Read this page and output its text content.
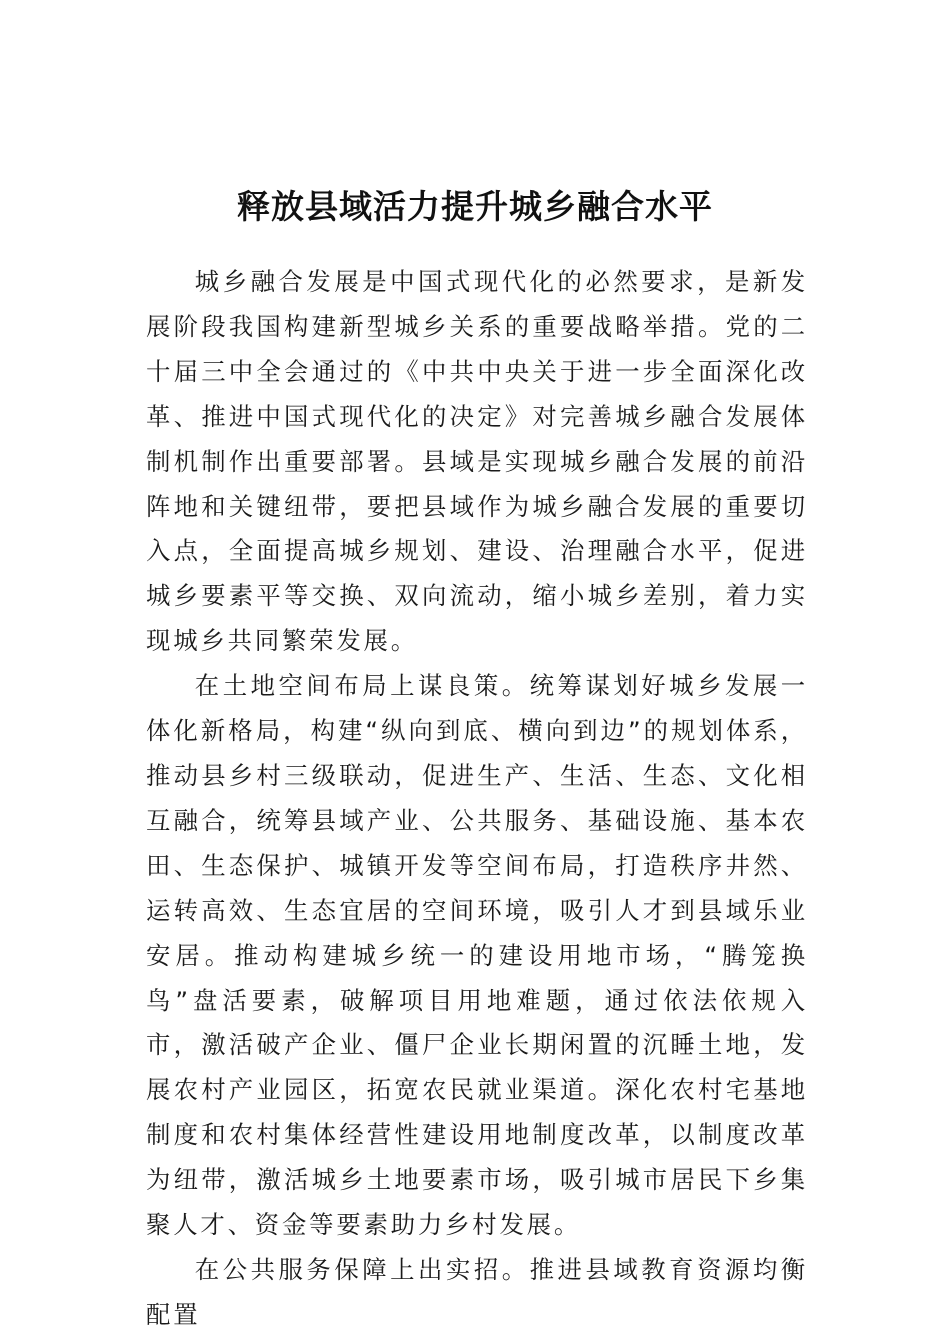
释放县域活力提升城乡融合水平

城乡融合发展是中国式现代化的必然要求，是新发展阶段我国构建新型城乡关系的重要战略举措。党的二十届三中全会通过的《中共中央关于进一步全面深化改革、推进中国式现代化的决定》对完善城乡融合发展体制机制作出重要部署。县域是实现城乡融合发展的前沿阵地和关键纽带，要把县域作为城乡融合发展的重要切入点，全面提高城乡规划、建设、治理融合水平，促进城乡要素平等交换、双向流动，缩小城乡差别，着力实现城乡共同繁荣发展。

在土地空间布局上谋良策。统筹谋划好城乡发展一体化新格局，构建“纵向到底、横向到边”的规划体系，推动县乡村三级联动，促进生产、生活、生态、文化相互融合，统筹县域产业、公共服务、基础设施、基本农田、生态保护、城镇开发等空间布局，打造秩序井然、运转高效、生态宜居的空间环境，吸引人才到县域乐业安居。推动构建城乡统一的建设用地市场，“腾笼换鸟”盘活要素，破解项目用地难题，通过依法依规入市，激活破产企业、僵尸企业长期闲置的沉睡土地，发展农村产业园区，拓宽农民就业渠道。深化农村宅基地制度和农村集体经营性建设用地制度改革，以制度改革为纽带，激活城乡土地要素市场，吸引城市居民下乡集聚人才、资金等要素助力乡村发展。

在公共服务保障上出实招。推进县域教育资源均衡配置
